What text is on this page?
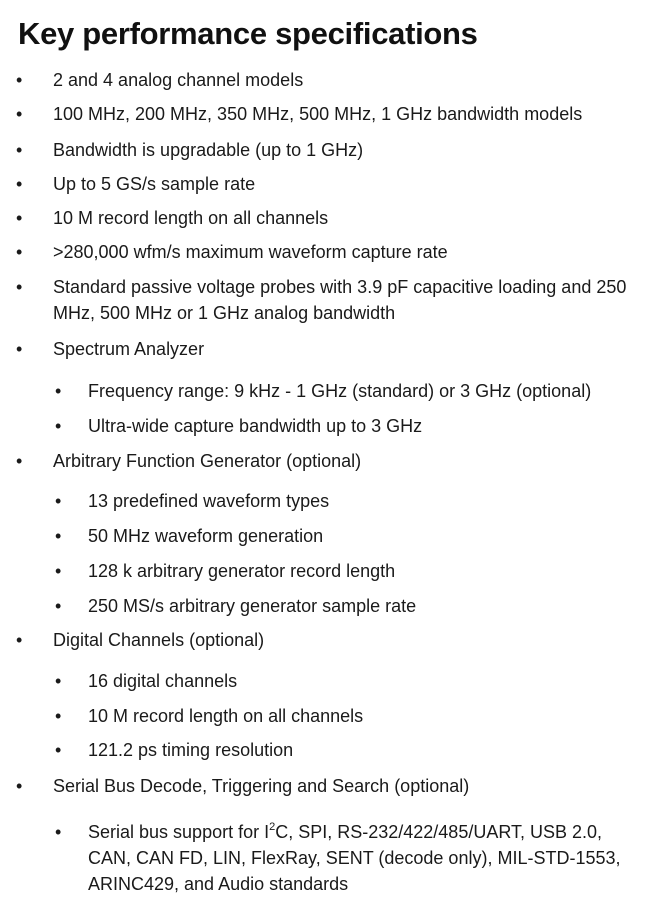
Key performance specifications
• 2 and 4 analog channel models
• 100 MHz, 200 MHz, 350 MHz, 500 MHz, 1 GHz bandwidth models
• Bandwidth is upgradable (up to 1 GHz)
• Up to 5 GS/s sample rate
• 10 M record length on all channels
• >280,000 wfm/s maximum waveform capture rate
• Standard passive voltage probes with 3.9 pF capacitive loading and 250 MHz, 500 MHz or 1 GHz analog bandwidth
• Spectrum Analyzer
• Frequency range: 9 kHz - 1 GHz (standard) or 3 GHz (optional)
• Ultra-wide capture bandwidth up to 3 GHz
• Arbitrary Function Generator (optional)
• 13 predefined waveform types
• 50 MHz waveform generation
• 128 k arbitrary generator record length
• 250 MS/s arbitrary generator sample rate
• Digital Channels (optional)
• 16 digital channels
• 10 M record length on all channels
• 121.2 ps timing resolution
• Serial Bus Decode, Triggering and Search (optional)
• Serial bus support for $I^2C$, SPI, RS-232/422/485/UART, USB 2.0, CAN, CAN FD, LIN, FlexRay, SENT (decode only), MIL-STD-1553, ARINC429, and Audio standards
